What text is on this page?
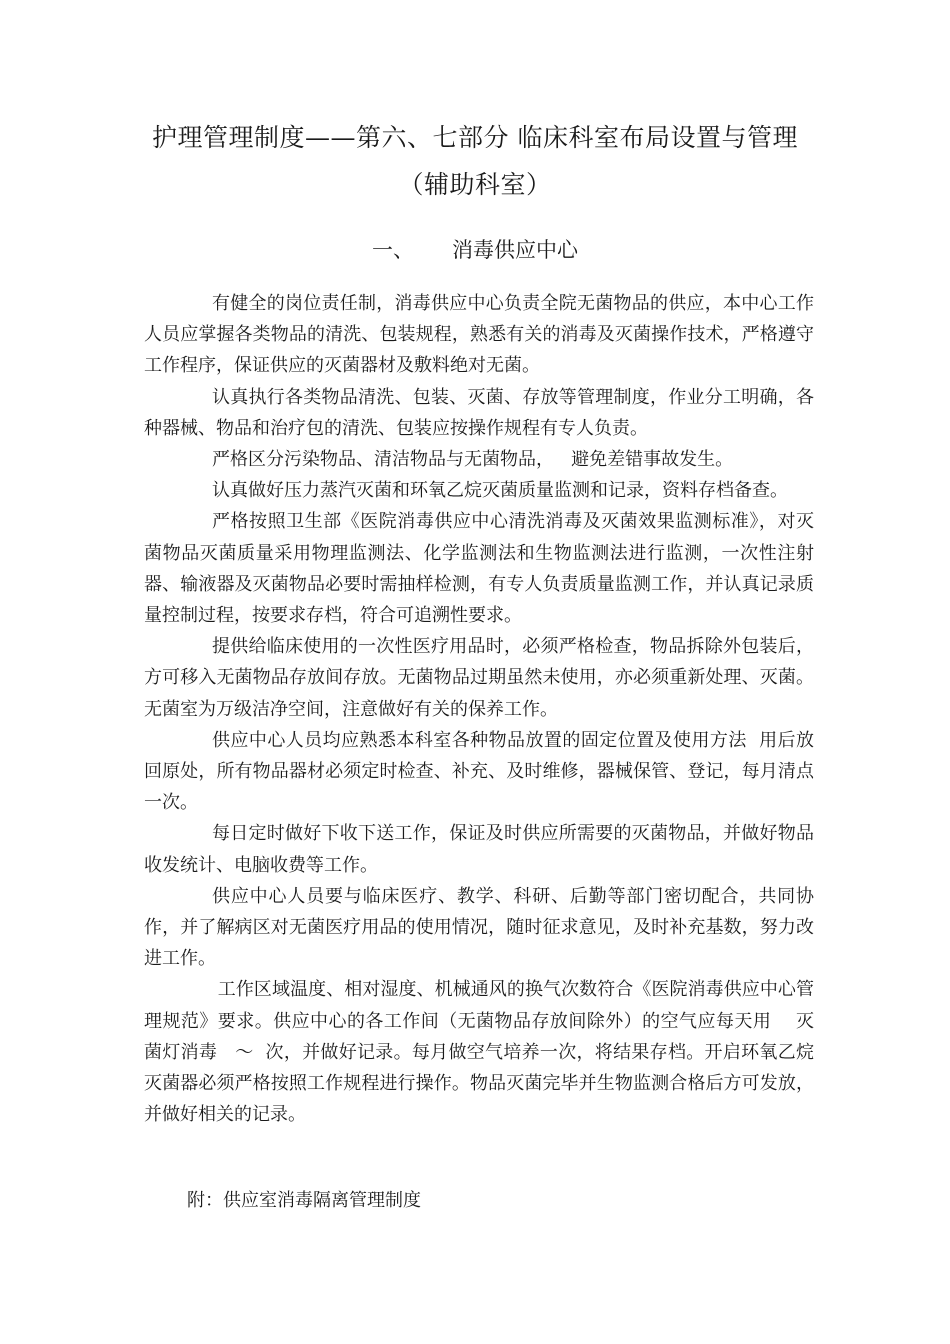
护理管理制度——第六、七部分 临床科室布局设置与管理
（辅助科室）
一、 消毒供应中心

有健全的岗位责任制，消毒供应中心负责全院无菌物品的供应，本中心工作人员应掌握各类物品的清洗、包装规程，熟悉有关的消毒及灭菌操作技术，严格遵守工作程序，保证供应的灭菌器材及敷料绝对无菌。

认真执行各类物品清洗、包装、灭菌、存放等管理制度，作业分工明确，各种器械、物品和治疗包的清洗、包装应按操作规程有专人负责。

严格区分污染物品、清洁物品与无菌物品，   避免差错事故发生。

认真做好压力蒸汽灭菌和环氧乙烷灭菌质量监测和记录，资料存档备查。

严格按照卫生部《医院消毒供应中心清洗消毒及灭菌效果监测标准》，对灭菌物品灭菌质量采用物理监测法、化学监测法和生物监测法进行监测，一次性注射器、输液器及灭菌物品必要时需抽样检测，有专人负责质量监测工作，并认真记录质量控制过程，按要求存档，符合可追溯性要求。

提供给临床使用的一次性医疗用品时，必须严格检查，物品拆除外包装后，方可移入无菌物品存放间存放。无菌物品过期虽然未使用，亦必须重新处理、灭菌。无菌室为万级洁净空间，注意做好有关的保养工作。

供应中心人员均应熟悉本科室各种物品放置的固定位置及使用方法  用后放回原处，所有物品器材必须定时检查、补充、及时维修，器械保管、登记，每月清点一次。

每日定时做好下收下送工作，保证及时供应所需要的灭菌物品，并做好物品收发统计、电脑收费等工作。

供应中心人员要与临床医疗、教学、科研、后勤等部门密切配合，共同协作，并了解病区对无菌医疗用品的使用情况，随时征求意见，及时补充基数，努力改进工作。

工作区域温度、相对湿度、机械通风的换气次数符合《医院消毒供应中心管理规范》要求。供应中心的各工作间（无菌物品存放间除外）的空气应每天用    灭菌灯消毒   ～  次，并做好记录。每月做空气培养一次，将结果存档。开启环氧乙烷灭菌器必须严格按照工作规程进行操作。物品灭菌完毕并生物监测合格后方可发放，并做好相关的记录。

附：供应室消毒隔离管理制度
